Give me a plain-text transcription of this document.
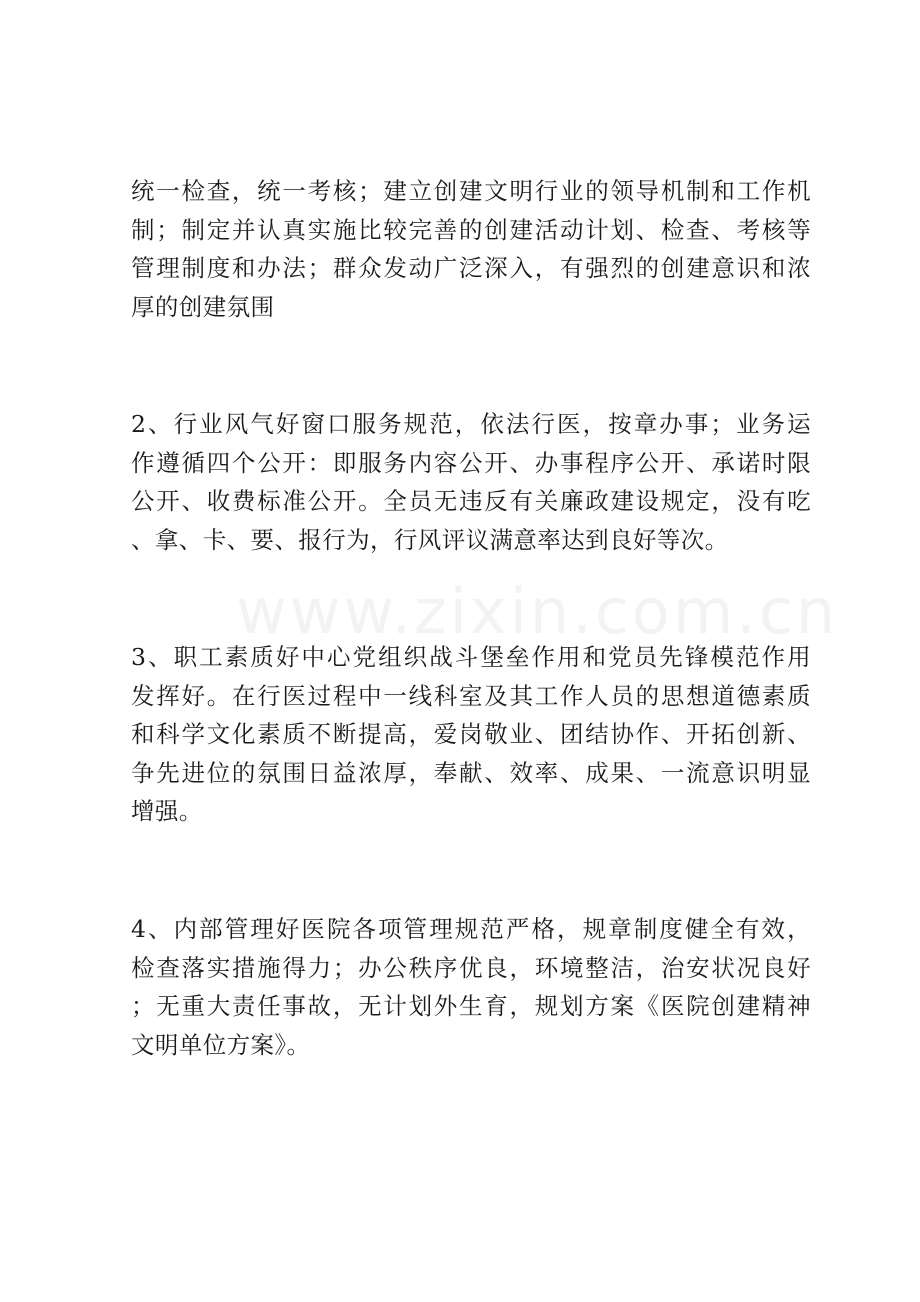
www.zixin.com.cn

统一检查，统一考核；建立创建文明行业的领导机制和工作机
制；制定并认真实施比较完善的创建活动计划、检查、考核等
管理制度和办法；群众发动广泛深入，有强烈的创建意识和浓
厚的创建氛围

2、行业风气好窗口服务规范，依法行医，按章办事；业务运
作遵循四个公开：即服务内容公开、办事程序公开、承诺时限
公开、收费标准公开。全员无违反有关廉政建设规定，没有吃
、拿、卡、要、报行为，行风评议满意率达到良好等次。

3、职工素质好中心党组织战斗堡垒作用和党员先锋模范作用
发挥好。在行医过程中一线科室及其工作人员的思想道德素质
和科学文化素质不断提高，爱岗敬业、团结协作、开拓创新、
争先进位的氛围日益浓厚，奉献、效率、成果、一流意识明显
增强。

4、内部管理好医院各项管理规范严格，规章制度健全有效，
检查落实措施得力；办公秩序优良，环境整洁，治安状况良好
；无重大责任事故，无计划外生育，规划方案《医院创建精神
文明单位方案》。
